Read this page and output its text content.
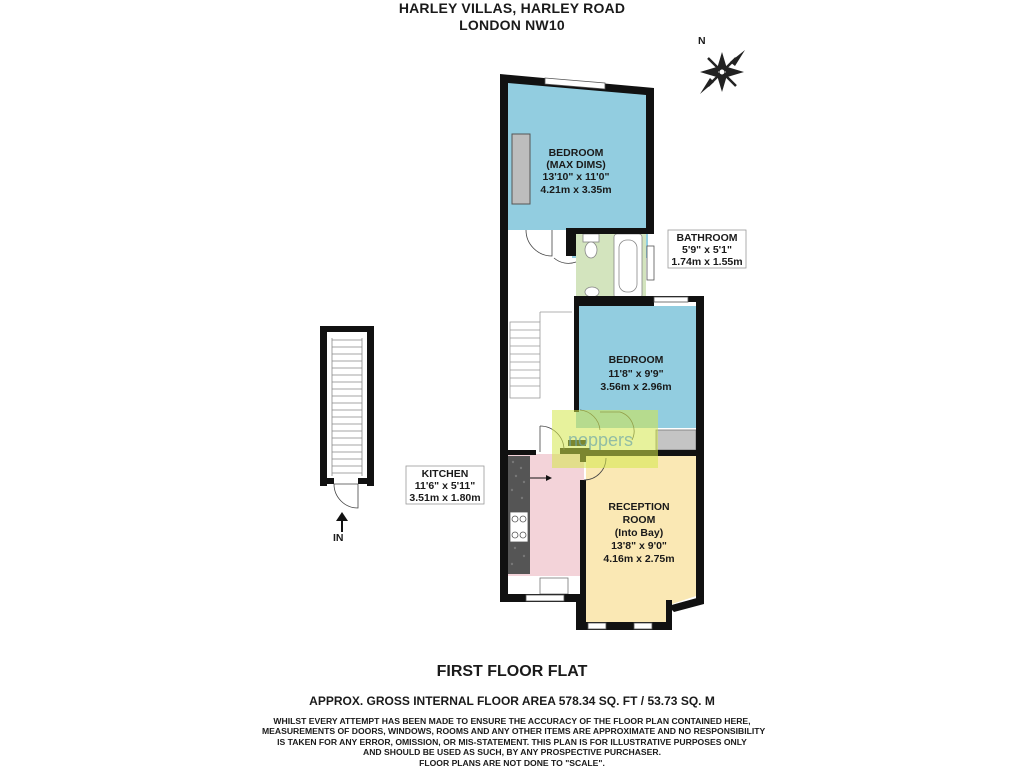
HARLEY VILLAS, HARLEY ROAD
LONDON NW10
N
IN
noppers
BEDROOM
(MAX DIMS)
13'10" x 11'0"
4.21m x 3.35m
BEDROOM
11'8" x 9'9"
3.56m x 2.96m
RECEPTION
ROOM
(Into Bay)
13'8" x 9'0"
4.16m x 2.75m
BATHROOM
5'9" x 5'1"
1.74m x 1.55m
KITCHEN
11'6" x 5'11"
3.51m x 1.80m
FIRST FLOOR FLAT
APPROX. GROSS INTERNAL FLOOR AREA 578.34 SQ. FT / 53.73 SQ. M
WHILST EVERY ATTEMPT HAS BEEN MADE TO ENSURE THE ACCURACY OF THE FLOOR PLAN CONTAINED HERE,
MEASUREMENTS OF DOORS, WINDOWS, ROOMS AND ANY OTHER ITEMS ARE APPROXIMATE AND NO RESPONSIBILITY
IS TAKEN FOR ANY ERROR, OMISSION, OR MIS-STATEMENT. THIS PLAN IS FOR ILLUSTRATIVE PURPOSES ONLY
AND SHOULD BE USED AS SUCH, BY ANY PROSPECTIVE PURCHASER.
FLOOR PLANS ARE NOT DONE TO "SCALE".
